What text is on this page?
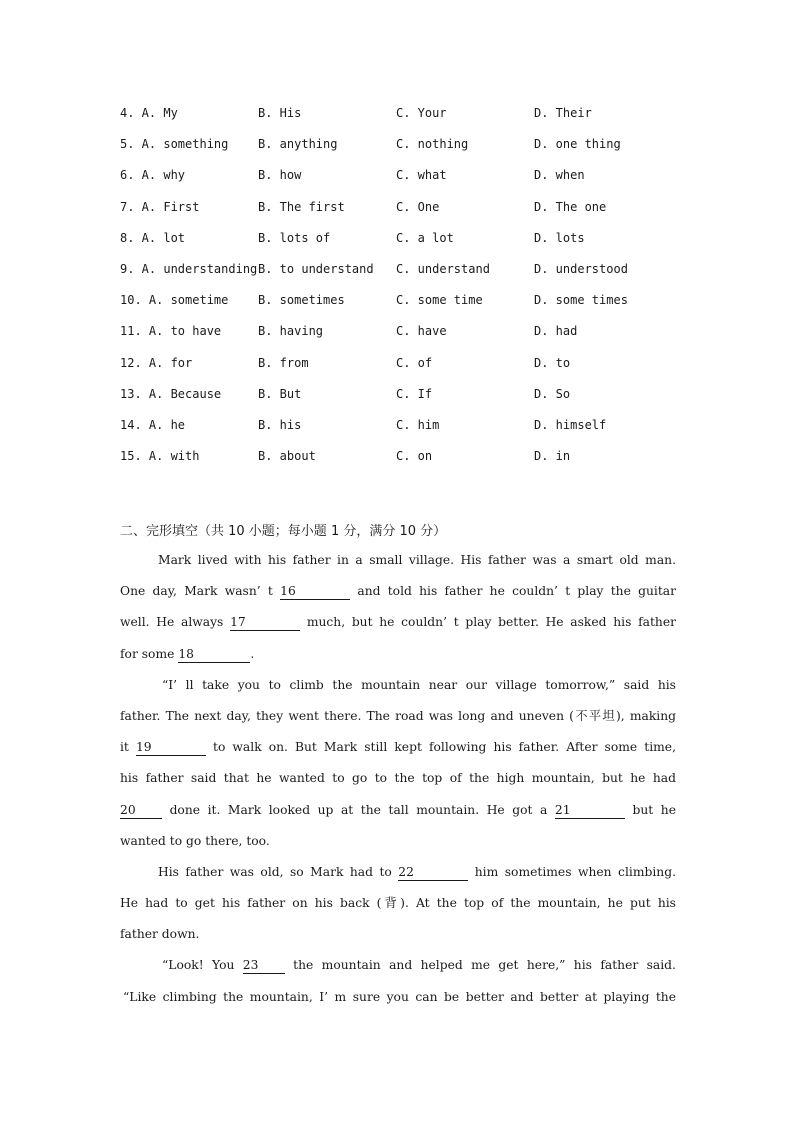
4. A. My	B. His	C. Your	D. Their
5. A. something B. anything	C. nothing	D. one thing
6. A. why	B. how	C. what	D. when
7. A. First	B. The first	C. One	D. The one
8. A. lot	B. lots of	C. a lot	D. lots
9. A. understanding B. to understand C. understand	D. understood
10. A. sometime B. sometimes	C. some time	D. some times
11. A. to have	B. having	C. have	D. had
12. A. for	B. from	C. of	D. to
13. A. Because	B. But	C. If	D. So
14. A. he	B. his	C. him	D. himself
15. A. with	B. about	C. on	D. in
二、完形填空（共 10 小题；每小题 1 分，满分 10 分）
Mark lived with his father in a small village. His father was a smart old man.
One day, Mark wasn’ t 16	and told his father he couldn’ t play the guitar
well. He always 17	much, but he couldn’ t play better. He asked his father
for some 18	.
“I’ ll take you to climb the mountain near our village tomorrow,” said his
father. The next day, they went there. The road was long and uneven (不平坦), making
it 19	to walk on. But Mark still kept following his father. After some time,
his father said that he wanted to go to the top of the high mountain, but he had
20	done it. Mark looked up at the tall mountain. He got a 21	but he
wanted to go there, too.
His father was old, so Mark had to 22	him sometimes when climbing.
He had to get his father on his back (背). At the top of the mountain, he put his
father down.
“Look! You 23	the mountain and helped me get here,” his father said.
“Like climbing the mountain, I’ m sure you can be better and better at playing the
